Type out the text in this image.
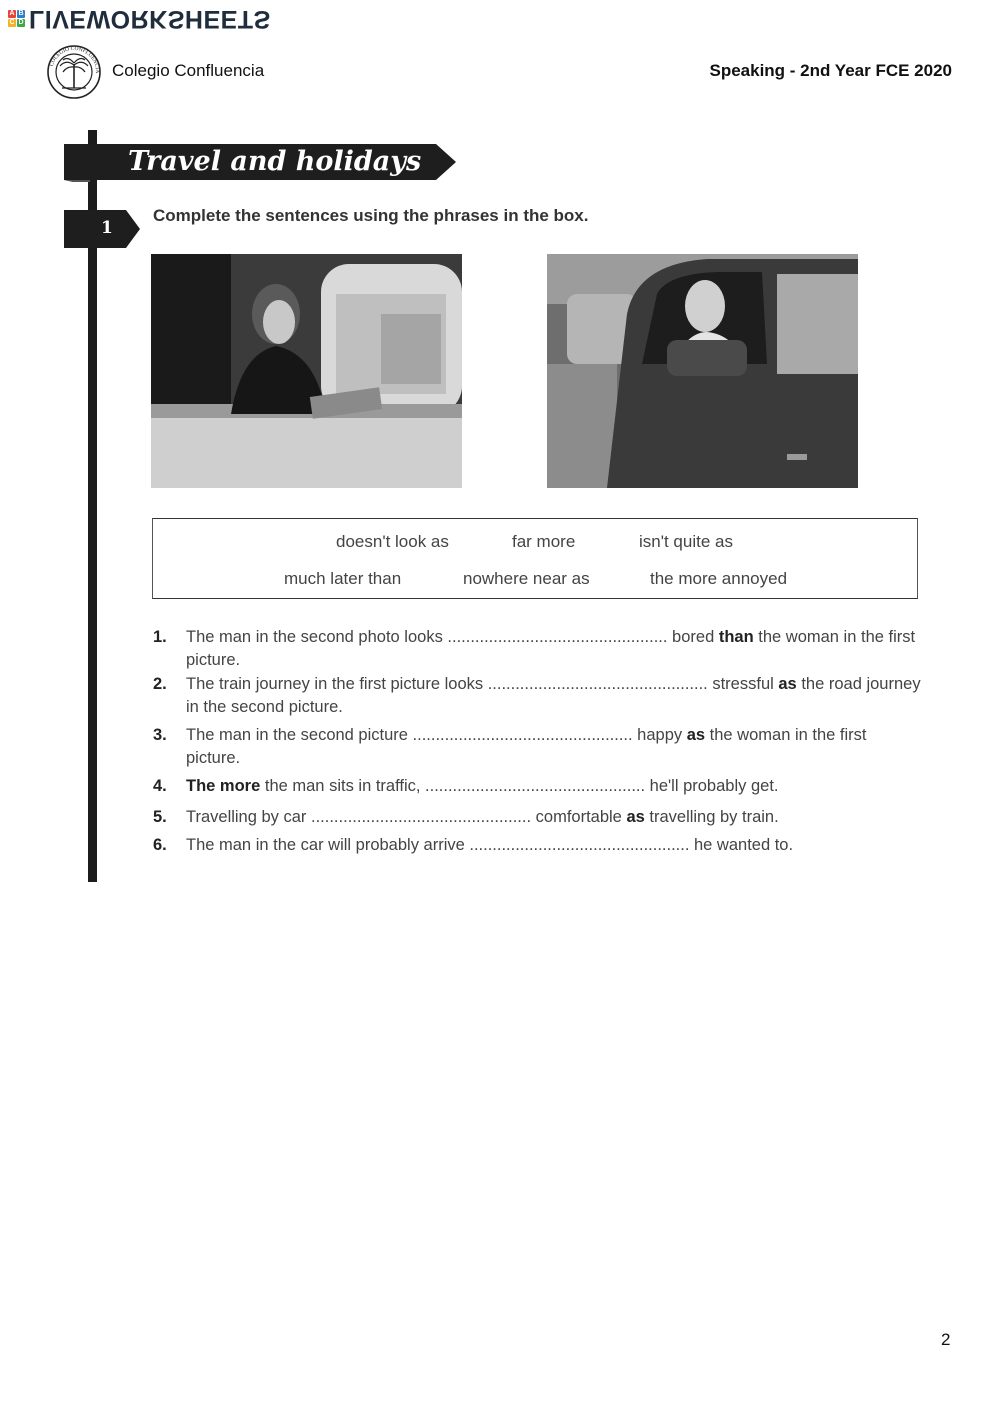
A B
C D LIVEWORKSHEETS
COLEGIO CONFLUENCIA Colegio Confluencia	Speaking - 2nd Year FCE 2020
Travel and holidays
1
Complete the sentences using the phrases in the box.
doesn't look as	far more	isn't quite as
much later than	nowhere near as	the more annoyed
1. The man in the second photo looks ................................................ bored than the woman in the first picture.
2. The train journey in the first picture looks ................................................ stressful as the road journey in the second picture.
3. The man in the second picture ................................................ happy as the woman in the first picture.
4. The more the man sits in traffic, ................................................ he'll probably get.
5. Travelling by car ................................................ comfortable as travelling by train.
6. The man in the car will probably arrive ................................................ he wanted to.
2
